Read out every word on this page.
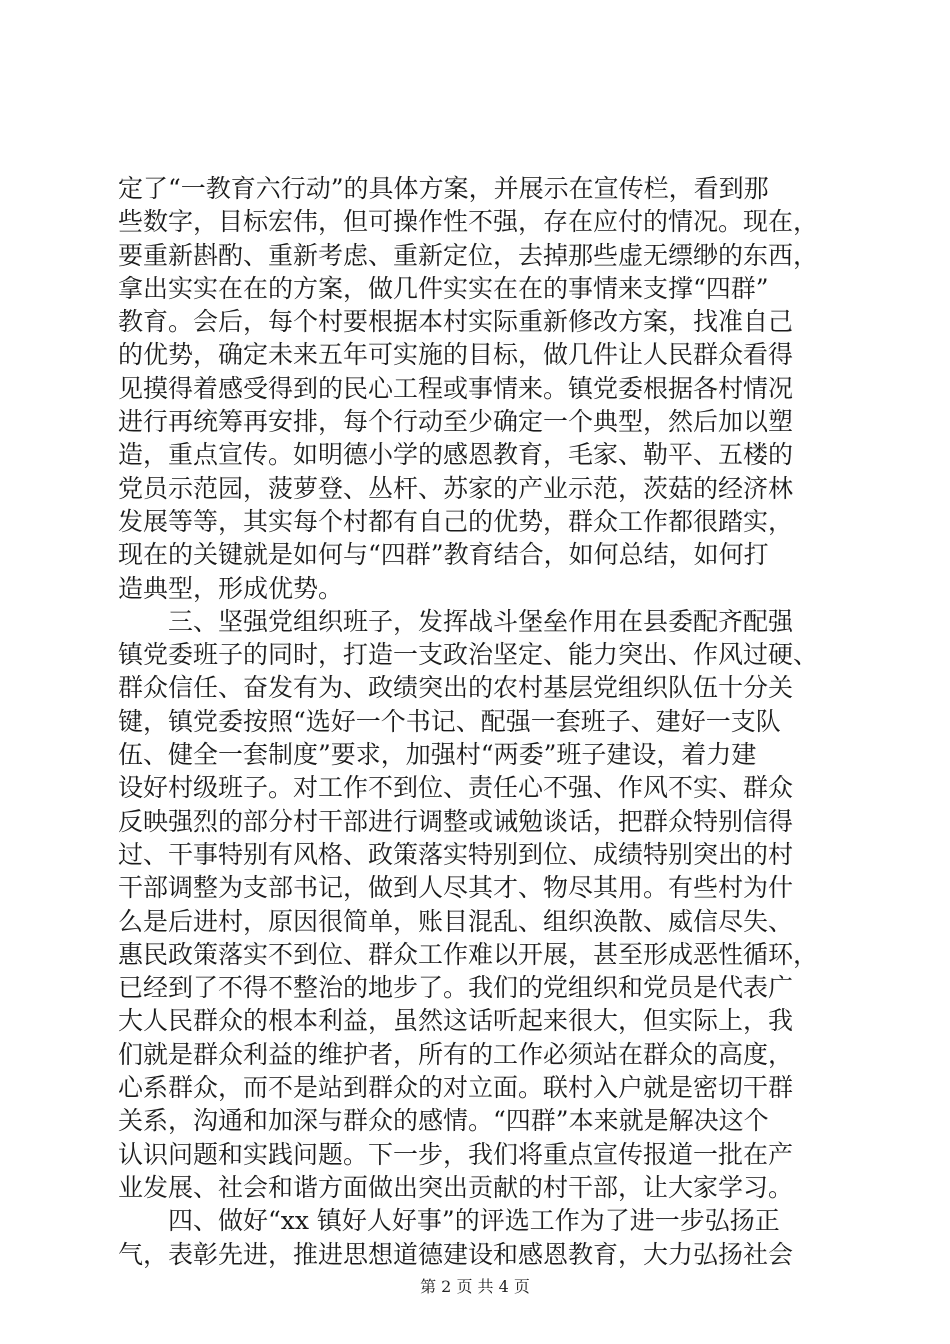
定了“一教育六行动”的具体方案，并展示在宣传栏，看到那
些数字，目标宏伟，但可操作性不强，存在应付的情况。现在，
要重新斟酌、重新考虑、重新定位，去掉那些虚无缥缈的东西，
拿出实实在在的方案，做几件实实在在的事情来支撑“四群”
教育。会后，每个村要根据本村实际重新修改方案，找准自己
的优势，确定未来五年可实施的目标，做几件让人民群众看得
见摸得着感受得到的民心工程或事情来。镇党委根据各村情况
进行再统筹再安排，每个行动至少确定一个典型，然后加以塑
造，重点宣传。如明德小学的感恩教育，毛家、勒平、五楼的
党员示范园，菠萝登、丛杆、苏家的产业示范，茨菇的经济林
发展等等，其实每个村都有自己的优势，群众工作都很踏实，
现在的关键就是如何与“四群”教育结合，如何总结，如何打
造典型，形成优势。
三、坚强党组织班子，发挥战斗堡垒作用在县委配齐配强
镇党委班子的同时，打造一支政治坚定、能力突出、作风过硬、
群众信任、奋发有为、政绩突出的农村基层党组织队伍十分关
键，镇党委按照“选好一个书记、配强一套班子、建好一支队
伍、健全一套制度”要求，加强村“两委”班子建设，着力建
设好村级班子。对工作不到位、责任心不强、作风不实、群众
反映强烈的部分村干部进行调整或诫勉谈话，把群众特别信得
过、干事特别有风格、政策落实特别到位、成绩特别突出的村
干部调整为支部书记，做到人尽其才、物尽其用。有些村为什
么是后进村，原因很简单，账目混乱、组织涣散、威信尽失、
惠民政策落实不到位、群众工作难以开展，甚至形成恶性循环，
已经到了不得不整治的地步了。我们的党组织和党员是代表广
大人民群众的根本利益，虽然这话听起来很大，但实际上，我
们就是群众利益的维护者，所有的工作必须站在群众的高度，
心系群众，而不是站到群众的对立面。联村入户就是密切干群
关系，沟通和加深与群众的感情。“四群”本来就是解决这个
认识问题和实践问题。下一步，我们将重点宣传报道一批在产
业发展、社会和谐方面做出突出贡献的村干部，让大家学习。
四、做好“xx 镇好人好事”的评选工作为了进一步弘扬正
气，表彰先进，推进思想道德建设和感恩教育，大力弘扬社会
第 2 页 共 4 页
